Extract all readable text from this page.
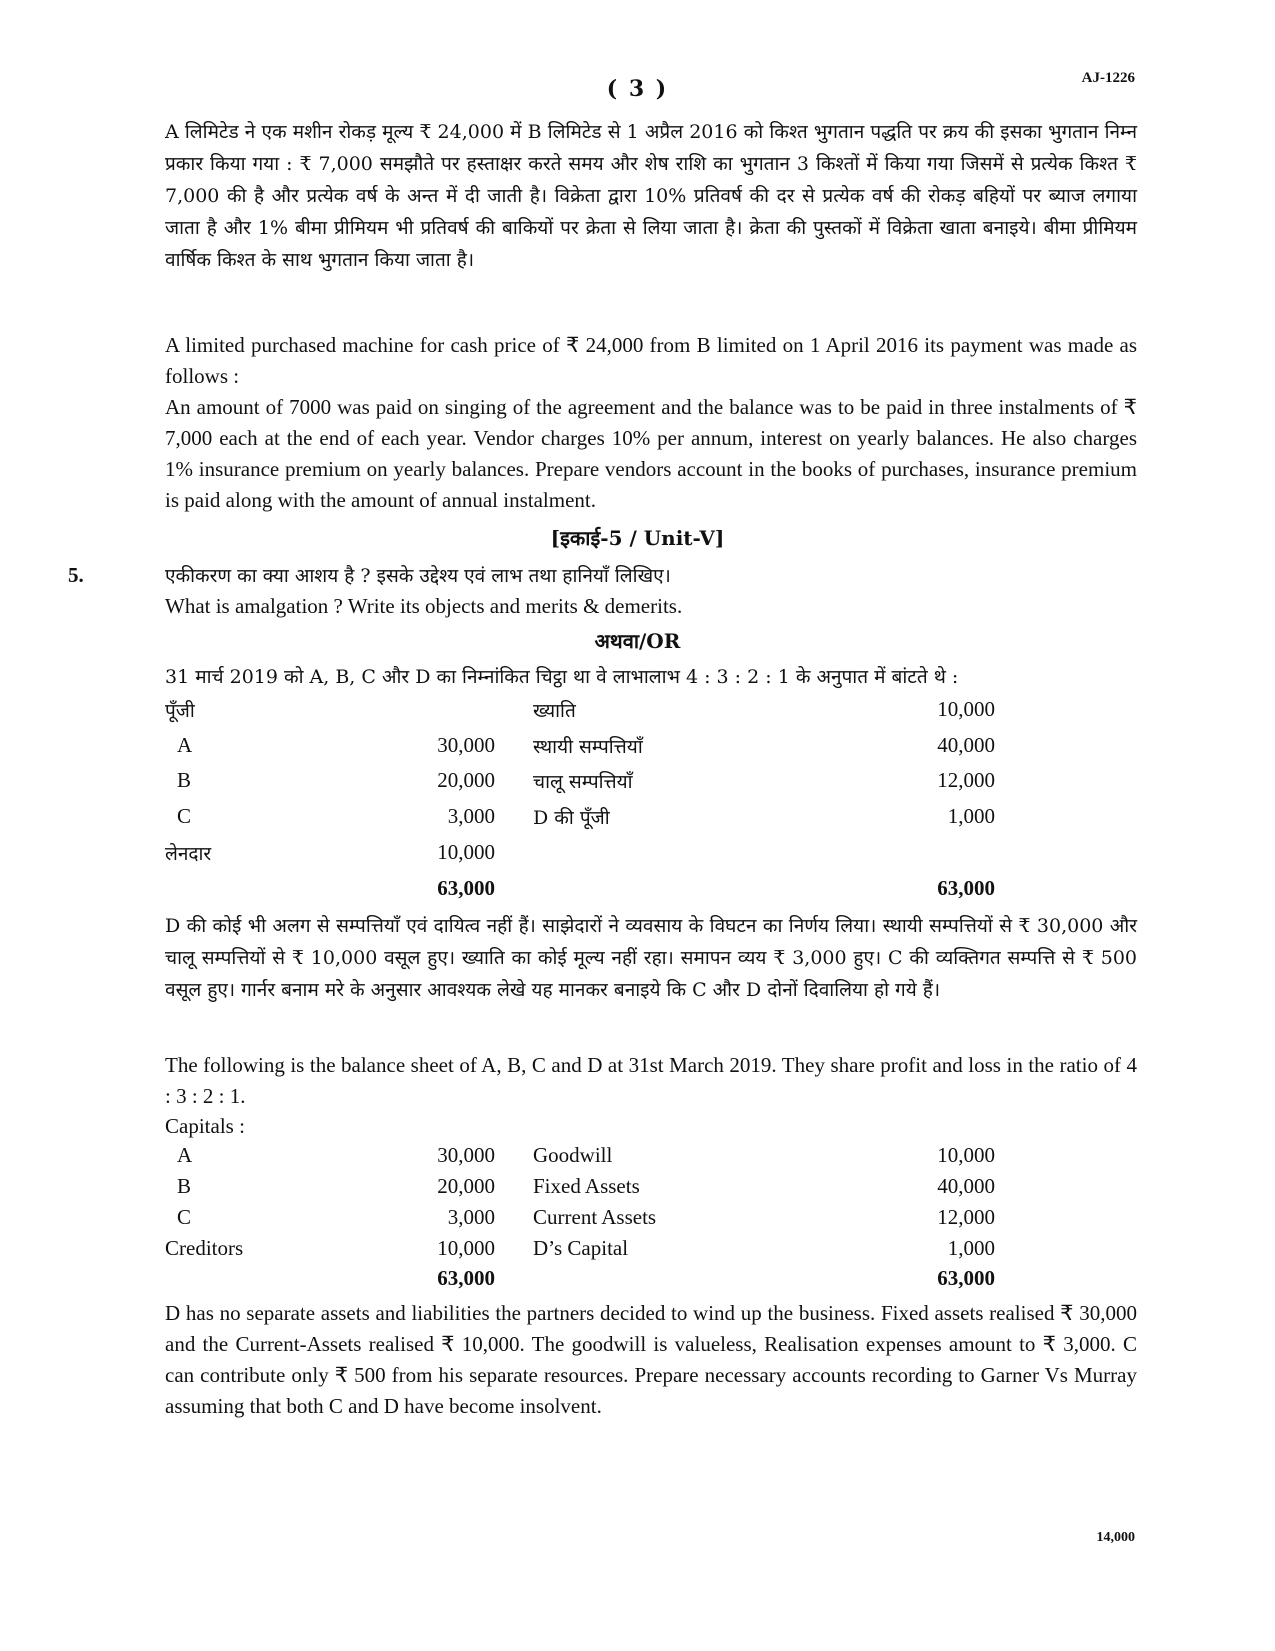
( 3 )	AJ-1226

A लिमिटेड ने एक मशीन रोकड़ मूल्य ₹ 24,000 में B लिमिटेड से 1 अप्रैल 2016 को किश्त भुगतान पद्धति पर क्रय की इसका भुगतान निम्न प्रकार किया गया : ₹ 7,000 समझौते पर हस्ताक्षर करते समय और शेष राशि का भुगतान 3 किश्तों में किया गया जिसमें से प्रत्येक किश्त ₹ 7,000 की है और प्रत्येक वर्ष के अन्त में दी जाती है। विक्रेता द्वारा 10% प्रतिवर्ष की दर से प्रत्येक वर्ष की रोकड़ बहियों पर ब्याज लगाया जाता है और 1% बीमा प्रीमियम भी प्रतिवर्ष की बाकियों पर क्रेता से लिया जाता है। क्रेता की पुस्तकों में विक्रेता खाता बनाइये। बीमा प्रीमियम वार्षिक किश्त के साथ भुगतान किया जाता है।

A limited purchased machine for cash price of ₹ 24,000 from B limited on 1 April 2016 its payment was made as follows :

An amount of 7000 was paid on singing of the agreement and the balance was to be paid in three instalments of ₹ 7,000 each at the end of each year. Vendor charges 10% per annum, interest on yearly balances. He also charges 1% insurance premium on yearly balances. Prepare vendors account in the books of purchases, insurance premium is paid along with the amount of annual instalment.

[इकाई-5 / Unit-V]
5.	एकीकरण का क्या आशय है ? इसके उद्देश्य एवं लाभ तथा हानियाँ लिखिए।

What is amalgation ? Write its objects and merits & demerits.

अथवा/OR

31 मार्च 2019 को A, B, C और D का निम्नांकित चिट्ठा था वे लाभालाभ 4 : 3 : 2 : 1 के अनुपात में बांटते थे :

पूँजी	ख्याति	10,000
A	30,000 स्थायी सम्पत्तियाँ	40,000
B	20,000 चालू सम्पत्तियाँ	12,000
C	3,000 D की पूँजी	1,000
लेनदार	10,000
63,000	63,000

D की कोई भी अलग से सम्पत्तियाँ एवं दायित्व नहीं हैं। साझेदारों ने व्यवसाय के विघटन का निर्णय लिया। स्थायी सम्पत्तियों से ₹ 30,000 और चालू सम्पत्तियों से ₹ 10,000 वसूल हुए। ख्याति का कोई मूल्य नहीं रहा। समापन व्यय ₹ 3,000 हुए। C की व्यक्तिगत सम्पत्ति से ₹ 500 वसूल हुए। गार्नर बनाम मरे के अनुसार आवश्यक लेखे यह मानकर बनाइये कि C और D दोनों दिवालिया हो गये हैं।

The following is the balance sheet of A, B, C and D at 31st March 2019. They share profit and loss in the ratio of 4 : 3 : 2 : 1.

Capitals :

A	30,000 Goodwill	10,000
B	20,000 Fixed Assets	40,000
C	3,000 Current Assets	12,000
Creditors	10,000 D’s Capital	1,000
63,000	63,000

D has no separate assets and liabilities the partners decided to wind up the business. Fixed assets realised ₹ 30,000 and the Current-Assets realised ₹ 10,000. The goodwill is valueless, Realisation expenses amount to ₹ 3,000. C can contribute only ₹ 500 from his separate resources. Prepare necessary accounts recording to Garner Vs Murray assuming that both C and D have become insolvent.

14,000
